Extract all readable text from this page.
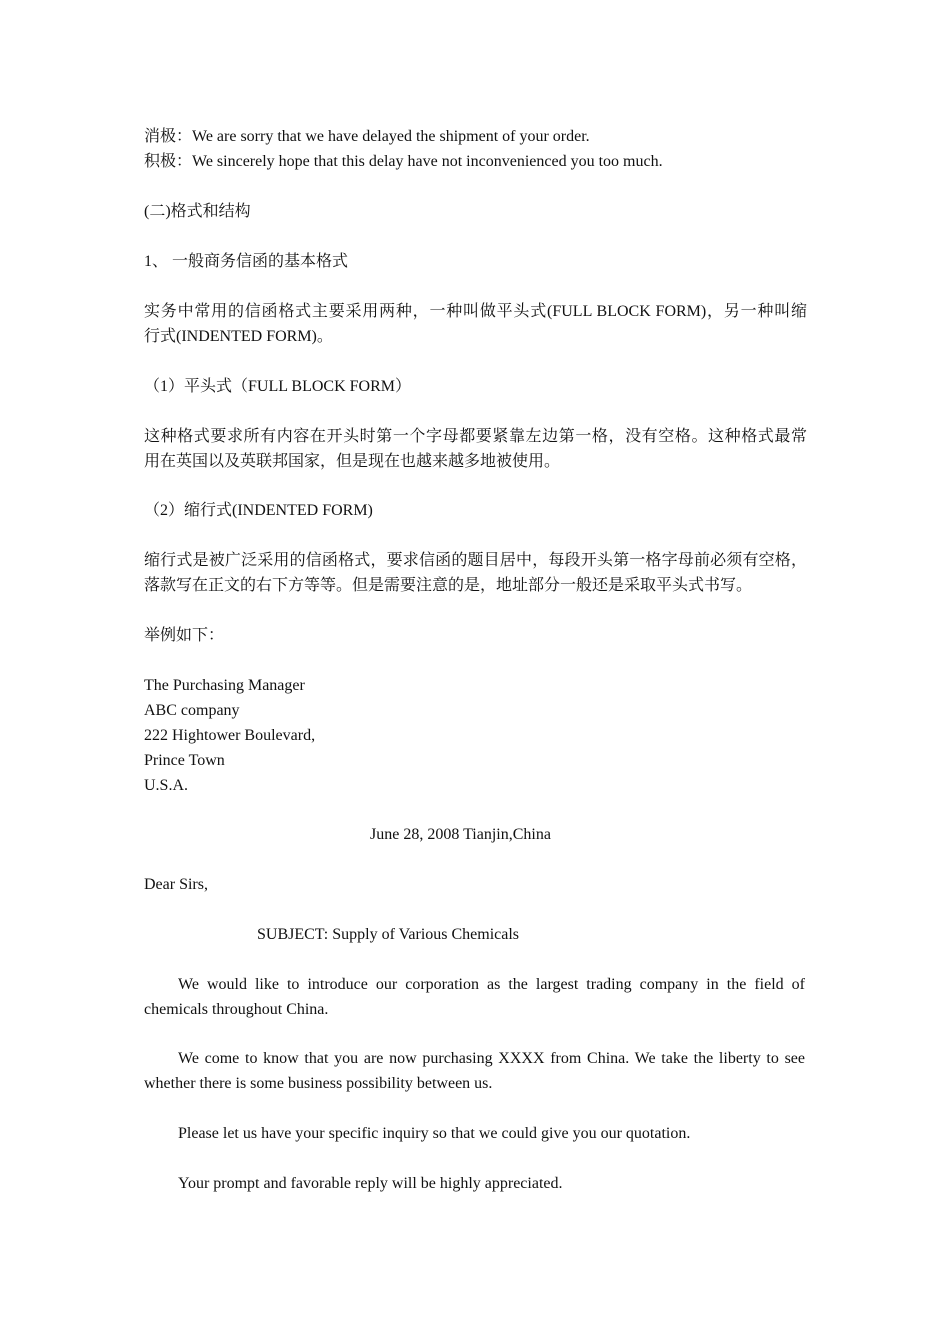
消极：We are sorry that we have delayed the shipment of your order.
积极：We sincerely hope that this delay have not inconvenienced you too much.
(二)格式和结构
1、 一般商务信函的基本格式
实务中常用的信函格式主要采用两种，一种叫做平头式(FULL BLOCK FORM)，另一种叫缩
行式(INDENTED FORM)。
（1）平头式（FULL BLOCK FORM）
这种格式要求所有内容在开头时第一个字母都要紧靠左边第一格，没有空格。这种格式最常
用在英国以及英联邦国家，但是现在也越来越多地被使用。
（2）缩行式(INDENTED FORM)
缩行式是被广泛采用的信函格式，要求信函的题目居中，每段开头第一格字母前必须有空格，
落款写在正文的右下方等等。但是需要注意的是，地址部分一般还是采取平头式书写。
举例如下：
The Purchasing Manager
ABC company
222 Hightower Boulevard,
Prince Town
U.S.A.
June 28, 2008 Tianjin,China
Dear Sirs,
SUBJECT: Supply of Various Chemicals
We would like to introduce our corporation as the largest trading company in the field of
chemicals throughout China.
We come to know that you are now purchasing XXXX from China. We take the liberty to see
whether there is some business possibility between us.
Please let us have your specific inquiry so that we could give you our quotation.
Your prompt and favorable reply will be highly appreciated.
